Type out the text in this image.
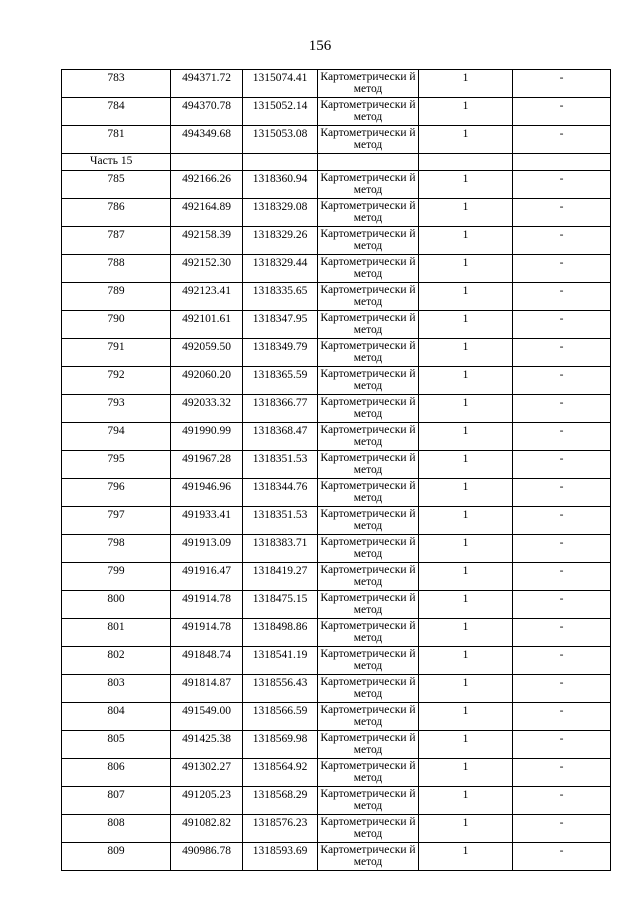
156
783	494371.72	1315074.41	Картометрически й метод	1	-
784	494370.78	1315052.14	Картометрически й метод	1	-
781	494349.68	1315053.08	Картометрически й метод	1	-
Часть 15					
785	492166.26	1318360.94	Картометрически й метод	1	-
786	492164.89	1318329.08	Картометрически й метод	1	-
787	492158.39	1318329.26	Картометрически й метод	1	-
788	492152.30	1318329.44	Картометрически й метод	1	-
789	492123.41	1318335.65	Картометрически й метод	1	-
790	492101.61	1318347.95	Картометрически й метод	1	-
791	492059.50	1318349.79	Картометрически й метод	1	-
792	492060.20	1318365.59	Картометрически й метод	1	-
793	492033.32	1318366.77	Картометрически й метод	1	-
794	491990.99	1318368.47	Картометрически й метод	1	-
795	491967.28	1318351.53	Картометрически й метод	1	-
796	491946.96	1318344.76	Картометрически й метод	1	-
797	491933.41	1318351.53	Картометрически й метод	1	-
798	491913.09	1318383.71	Картометрически й метод	1	-
799	491916.47	1318419.27	Картометрически й метод	1	-
800	491914.78	1318475.15	Картометрически й метод	1	-
801	491914.78	1318498.86	Картометрически й метод	1	-
802	491848.74	1318541.19	Картометрически й метод	1	-
803	491814.87	1318556.43	Картометрически й метод	1	-
804	491549.00	1318566.59	Картометрически й метод	1	-
805	491425.38	1318569.98	Картометрически й метод	1	-
806	491302.27	1318564.92	Картометрически й метод	1	-
807	491205.23	1318568.29	Картометрически й метод	1	-
808	491082.82	1318576.23	Картометрически й метод	1	-
809	490986.78	1318593.69	Картометрически й метод	1	-
